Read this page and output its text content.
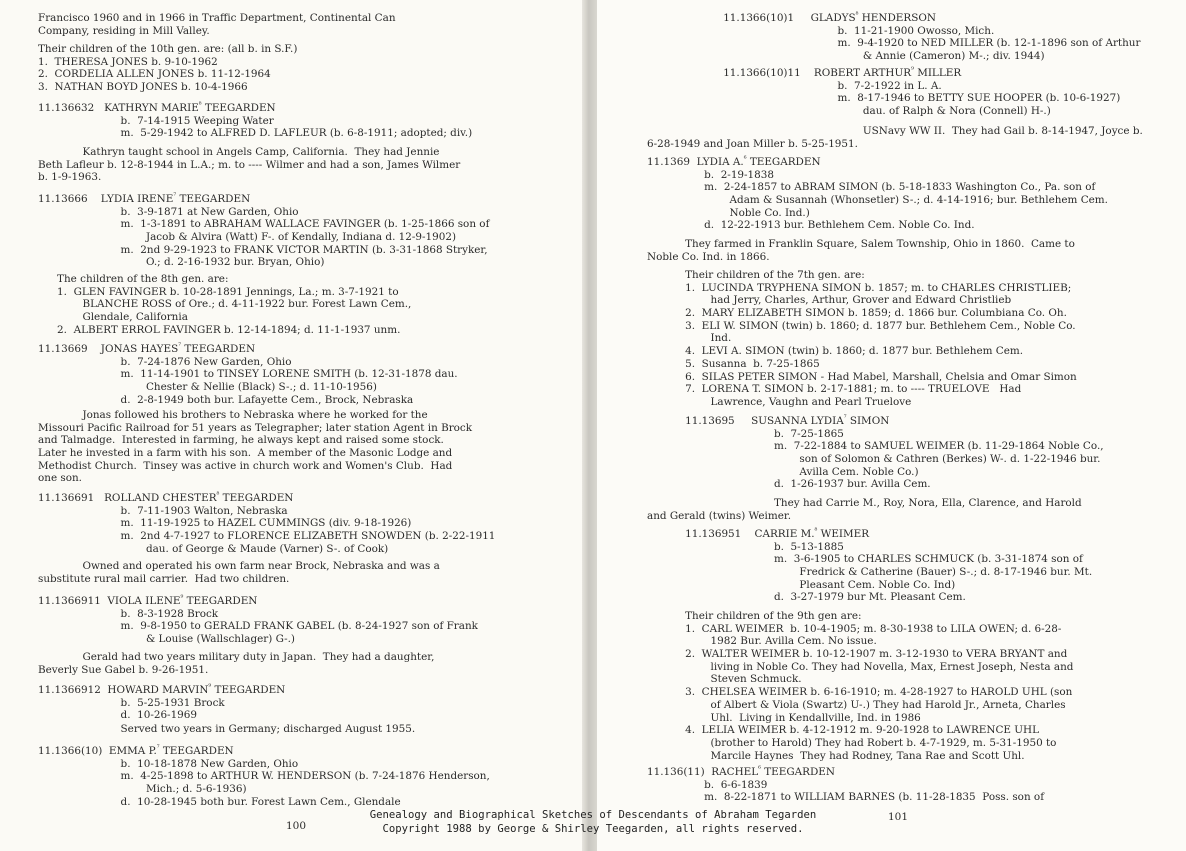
Francisco 1960 and in 1966 in Traffic Department, Continental Can
Company, residing in Mill Valley.
Their children of the 10th gen. are: (all b. in S.F.)
1.  THERESA JONES b. 9-10-1962
2.  CORDELIA ALLEN JONES b. 11-12-1964
3.  NATHAN BOYD JONES b. 10-4-1966
11.136632   KATHRYN $MARIE^{^8}$ TEEGARDEN
b.  7-14-1915 Weeping Water
m.  5-29-1942 to ALFRED D. LAFLEUR (b. 6-8-1911; adopted; div.)
Kathryn taught school in Angels Camp, California.  They had Jennie
Beth Lafleur b. 12-8-1944 in L.A.; m. to ---- Wilmer and had a son, James Wilmer
b. 1-9-1963.
11.13666    LYDIA $IRENE^{^7}$ TEEGARDEN
b.  3-9-1871 at New Garden, Ohio
m.  1-3-1891 to ABRAHAM WALLACE FAVINGER (b. 1-25-1866 son of
Jacob & Alvira (Watt) F-. of Kendally, Indiana d. 12-9-1902)
m.  2nd 9-29-1923 to FRANK VICTOR MARTIN (b. 3-31-1868 Stryker,
O.; d. 2-16-1932 bur. Bryan, Ohio)
The children of the 8th gen. are:
1.  GLEN FAVINGER b. 10-28-1891 Jennings, La.; m. 3-7-1921 to
BLANCHE ROSS of Ore.; d. 4-11-1922 bur. Forest Lawn Cem.,
Glendale, California
2.  ALBERT ERROL FAVINGER b. 12-14-1894; d. 11-1-1937 unm.
11.13669    JONAS $HAYES^{^7}$ TEEGARDEN
b.  7-24-1876 New Garden, Ohio
m.  11-14-1901 to TINSEY LORENE SMITH (b. 12-31-1878 dau.
Chester & Nellie (Black) S-.; d. 11-10-1956)
d.  2-8-1949 both bur. Lafayette Cem., Brock, Nebraska
Jonas followed his brothers to Nebraska where he worked for the
Missouri Pacific Railroad for 51 years as Telegrapher; later station Agent in Brock
and Talmadge.  Interested in farming, he always kept and raised some stock.
Later he invested in a farm with his son.  A member of the Masonic Lodge and
Methodist Church.  Tinsey was active in church work and Women's Club.  Had
one son.
11.136691   ROLLAND $CHESTER^{^8}$ TEEGARDEN
b.  7-11-1903 Walton, Nebraska
m.  11-19-1925 to HAZEL CUMMINGS (div. 9-18-1926)
m.  2nd 4-7-1927 to FLORENCE ELIZABETH SNOWDEN (b. 2-22-1911
dau. of George & Maude (Varner) S-. of Cook)
Owned and operated his own farm near Brock, Nebraska and was a
substitute rural mail carrier.  Had two children.
11.1366911  VIOLA $ILENE^{^9}$ TEEGARDEN
b.  8-3-1928 Brock
m.  9-8-1950 to GERALD FRANK GABEL (b. 8-24-1927 son of Frank
& Louise (Wallschlager) G-.)
Gerald had two years military duty in Japan.  They had a daughter,
Beverly Sue Gabel b. 9-26-1951.
11.1366912  HOWARD $MARVIN^{^9}$ TEEGARDEN
b.  5-25-1931 Brock
d.  10-26-1969
Served two years in Germany; discharged August 1955.
11.1366(10)  EMMA P.$^{^7}$ TEEGARDEN
b.  10-18-1878 New Garden, Ohio
m.  4-25-1898 to ARTHUR W. HENDERSON (b. 7-24-1876 Henderson,
Mich.; d. 5-6-1936)
d.  10-28-1945 both bur. Forest Lawn Cem., Glendale
11.1366(10)1     $GLADYS^{^8}$ HENDERSON
b.  11-21-1900 Owosso, Mich.
m.  9-4-1920 to NED MILLER (b. 12-1-1896 son of Arthur
& Annie (Cameron) M-.; div. 1944)
11.1366(10)11    ROBERT $ARTHUR^{^9}$ MILLER
b.  7-2-1922 in L. A.
m.  8-17-1946 to BETTY SUE HOOPER (b. 10-6-1927)
dau. of Ralph & Nora (Connell) H-.)
USNavy WW II.  They had Gail b. 8-14-1947, Joyce b.
6-28-1949 and Joan Miller b. 5-25-1951.
11.1369  LYDIA A.$^{^6}$ TEEGARDEN
b.  2-19-1838
m.  2-24-1857 to ABRAM SIMON (b. 5-18-1833 Washington Co., Pa. son of
Adam & Susannah (Whonsetler) S-.; d. 4-14-1916; bur. Bethlehem Cem.
Noble Co. Ind.)
d.  12-22-1913 bur. Bethlehem Cem. Noble Co. Ind.
They farmed in Franklin Square, Salem Township, Ohio in 1860.  Came to
Noble Co. Ind. in 1866.
Their children of the 7th gen. are:
1.  LUCINDA TRYPHENA SIMON b. 1857; m. to CHARLES CHRISTLIEB;
had Jerry, Charles, Arthur, Grover and Edward Christlieb
2.  MARY ELIZABETH SIMON b. 1859; d. 1866 bur. Columbiana Co. Oh.
3.  ELI W. SIMON (twin) b. 1860; d. 1877 bur. Bethlehem Cem., Noble Co.
Ind.
4.  LEVI A. SIMON (twin) b. 1860; d. 1877 bur. Bethlehem Cem.
5.  Susanna  b. 7-25-1865
6.  SILAS PETER SIMON - Had Mabel, Marshall, Chelsia and Omar Simon
7.  LORENA T. SIMON b. 2-17-1881; m. to ---- TRUELOVE   Had
Lawrence, Vaughn and Pearl Truelove
11.13695     SUSANNA $LYDIA^{^7}$ SIMON
b.  7-25-1865
m.  7-22-1884 to SAMUEL WEIMER (b. 11-29-1864 Noble Co.,
son of Solomon & Cathren (Berkes) W-. d. 1-22-1946 bur.
Avilla Cem. Noble Co.)
d.  1-26-1937 bur. Avilla Cem.
They had Carrie M., Roy, Nora, Ella, Clarence, and Harold
and Gerald (twins) Weimer.
11.136951    CARRIE M.$^{^8}$ WEIMER
b.  5-13-1885
m.  3-6-1905 to CHARLES SCHMUCK (b. 3-31-1874 son of
Fredrick & Catherine (Bauer) S-.; d. 8-17-1946 bur. Mt.
Pleasant Cem. Noble Co. Ind)
d.  3-27-1979 bur Mt. Pleasant Cem.
Their children of the 9th gen are:
1.  CARL WEIMER  b. 10-4-1905; m. 8-30-1938 to LILA OWEN; d. 6-28-
1982 Bur. Avilla Cem. No issue.
2.  WALTER WEIMER b. 10-12-1907 m. 3-12-1930 to VERA BRYANT and
living in Noble Co. They had Novella, Max, Ernest Joseph, Nesta and
Steven Schmuck.
3.  CHELSEA WEIMER b. 6-16-1910; m. 4-28-1927 to HAROLD UHL (son
of Albert & Viola (Swartz) U-.) They had Harold Jr., Arneta, Charles
Uhl.  Living in Kendallville, Ind. in 1986
4.  LELIA WEIMER b. 4-12-1912 m. 9-20-1928 to LAWRENCE UHL
(brother to Harold) They had Robert b. 4-7-1929, m. 5-31-1950 to
Marcile Haynes  They had Rodney, Tana Rae and Scott Uhl.
11.136(11)  $RACHEL^{^6}$ TEEGARDEN
b.  6-6-1839
m.  8-22-1871 to WILLIAM BARNES (b. 11-28-1835  Poss. son of
100
101
Genealogy and Biographical Sketches of Descendants of Abraham Tegarden
Copyright 1988 by George & Shirley Teegarden, all rights reserved.
